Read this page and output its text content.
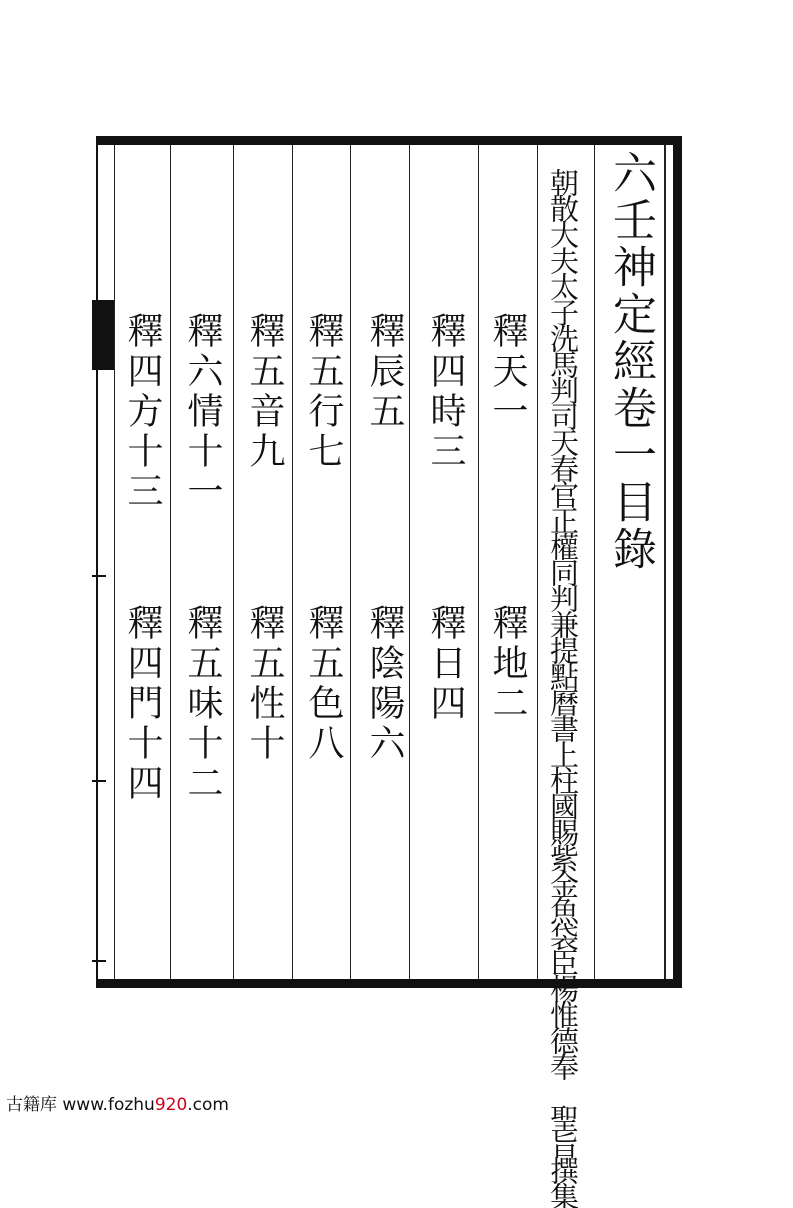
六壬神定經卷一目錄
朝散大夫太子洗馬判司天春官正權同判兼提點曆書上柱國賜紫金魚袋臣楊惟德奉　聖旨撰集
釋天一
釋四時三
釋辰五
釋五行七
釋五音九
釋六情十一
釋四方十三
釋地二
釋日四
釋陰陽六
釋五色八
釋五性十
釋五味十二
釋四門十四
古籍库 www.fozhu920.com
